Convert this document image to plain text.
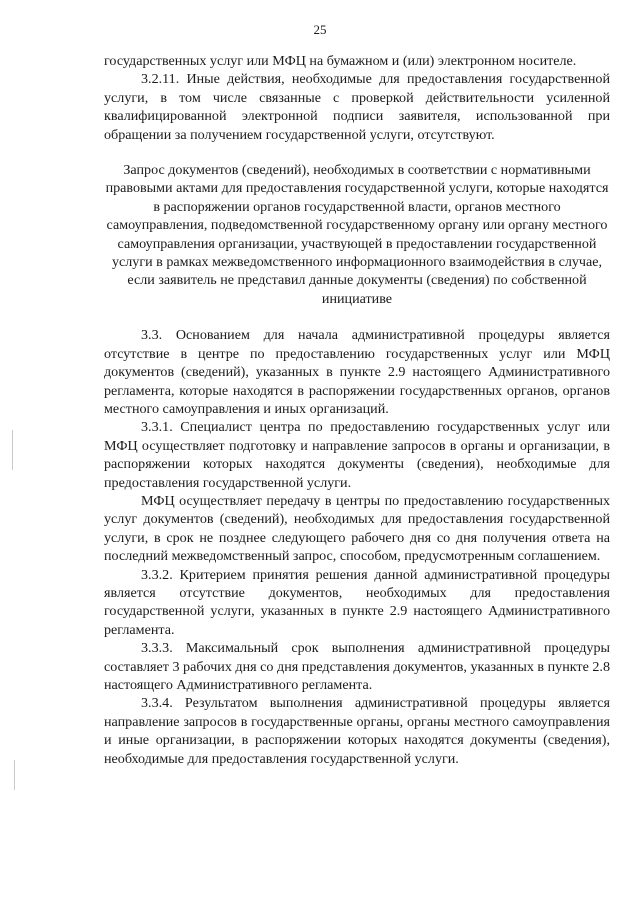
25

государственных услуг или МФЦ на бумажном и (или) электронном носителе.

3.2.11. Иные действия, необходимые для предоставления государственной услуги, в том числе связанные с проверкой действительности усиленной квалифицированной электронной подписи заявителя, использованной при обращении за получением государственной услуги, отсутствуют.

Запрос документов (сведений), необходимых в соответствии с нормативными правовыми актами для предоставления государственной услуги, которые находятся в распоряжении органов государственной власти, органов местного самоуправления, подведомственной государственному органу или органу местного самоуправления организации, участвующей в предоставлении государственной услуги в рамках межведомственного информационного взаимодействия в случае, если заявитель не представил данные документы (сведения) по собственной инициативе

3.3. Основанием для начала административной процедуры является отсутствие в центре по предоставлению государственных услуг или МФЦ документов (сведений), указанных в пункте 2.9 настоящего Административного регламента, которые находятся в распоряжении государственных органов, органов местного самоуправления и иных организаций.

3.3.1. Специалист центра по предоставлению государственных услуг или МФЦ осуществляет подготовку и направление запросов в органы и организации, в распоряжении которых находятся документы (сведения), необходимые для предоставления государственной услуги.

МФЦ осуществляет передачу в центры по предоставлению государственных услуг документов (сведений), необходимых для предоставления государственной услуги, в срок не позднее следующего рабочего дня со дня получения ответа на последний межведомственный запрос, способом, предусмотренным соглашением.

3.3.2. Критерием принятия решения данной административной процедуры является отсутствие документов, необходимых для предоставления государственной услуги, указанных в пункте 2.9 настоящего Административного регламента.

3.3.3. Максимальный срок выполнения административной процедуры составляет 3 рабочих дня со дня представления документов, указанных в пункте 2.8 настоящего Административного регламента.

3.3.4. Результатом выполнения административной процедуры является направление запросов в государственные органы, органы местного самоуправления и иные организации, в распоряжении которых находятся документы (сведения), необходимые для предоставления государственной услуги.
